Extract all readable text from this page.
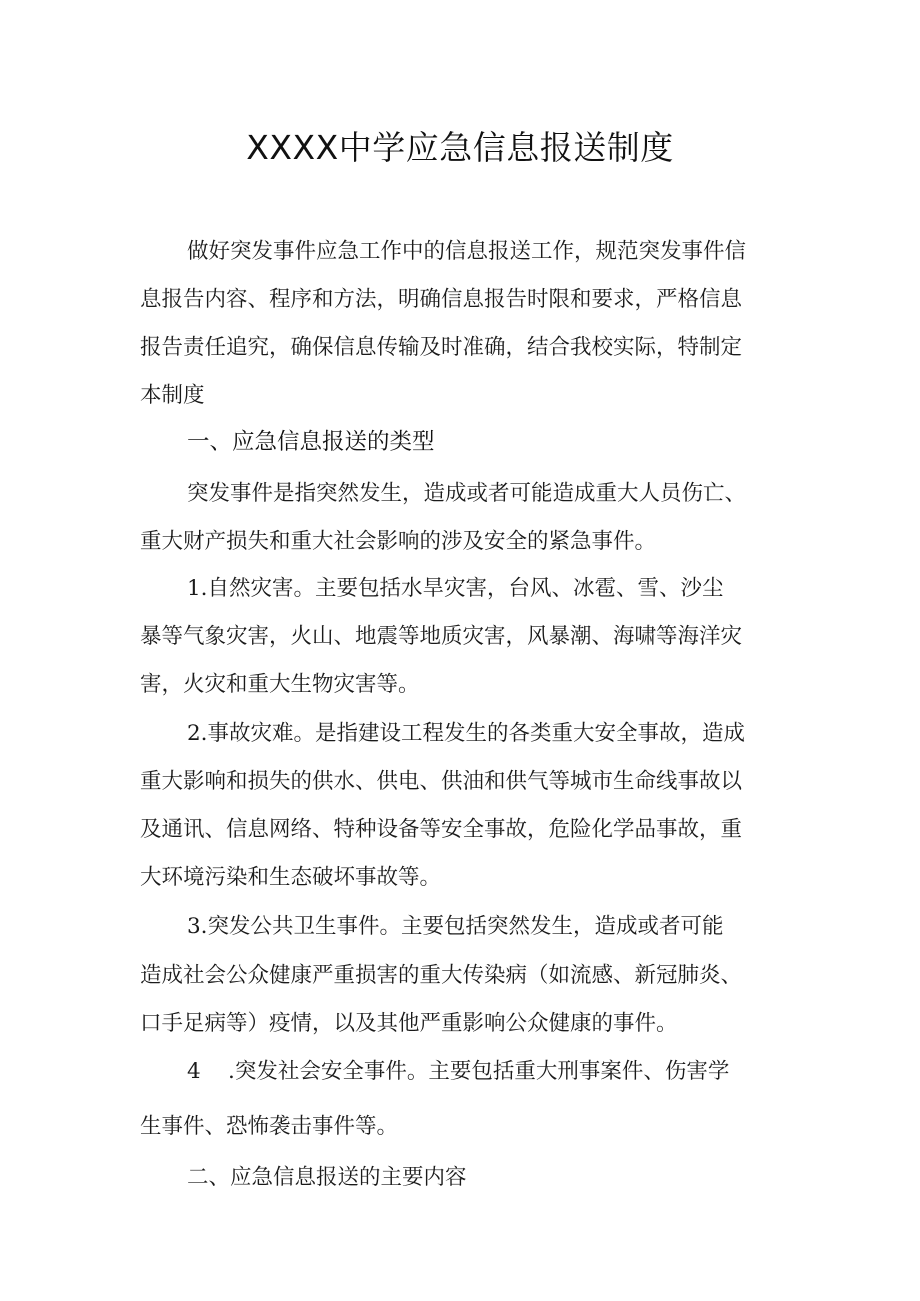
XXXX中学应急信息报送制度
做好突发事件应急工作中的信息报送工作，规范突发事件信
息报告内容、程序和方法，明确信息报告时限和要求，严格信息
报告责任追究，确保信息传输及时准确，结合我校实际，特制定
本制度
一、应急信息报送的类型
突发事件是指突然发生，造成或者可能造成重大人员伤亡、
重大财产损失和重大社会影响的涉及安全的紧急事件。
1.自然灾害。主要包括水旱灾害，台风、冰雹、雪、沙尘
暴等气象灾害，火山、地震等地质灾害，风暴潮、海啸等海洋灾
害，火灾和重大生物灾害等。
2.事故灾难。是指建设工程发生的各类重大安全事故，造成
重大影响和损失的供水、供电、供油和供气等城市生命线事故以
及通讯、信息网络、特种设备等安全事故，危险化学品事故，重
大环境污染和生态破坏事故等。
3.突发公共卫生事件。主要包括突然发生，造成或者可能
造成社会公众健康严重损害的重大传染病（如流感、新冠肺炎、
口手足病等）疫情，以及其他严重影响公众健康的事件。
4    .突发社会安全事件。主要包括重大刑事案件、伤害学
生事件、恐怖袭击事件等。
二、应急信息报送的主要内容
